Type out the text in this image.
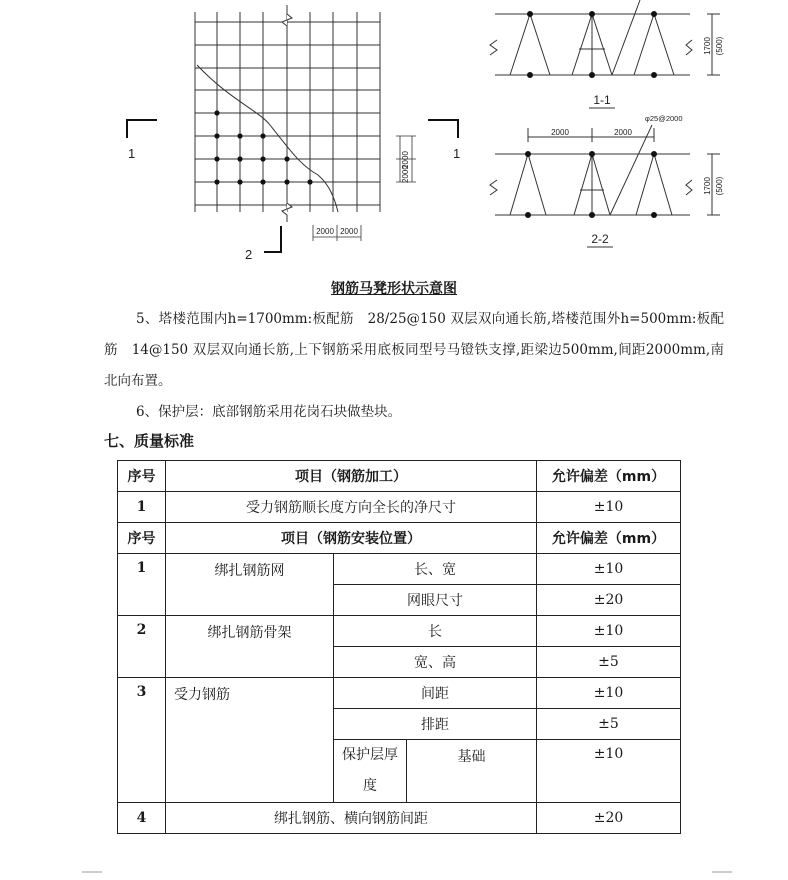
2000
2000
2000 2000
1	1
2
1700 (500)
1-1
2000	2000
φ25@2000
1700 (500)
2-2
钢筋马凳形状示意图
5、塔楼范围内h=1700mm:板配筋　28/25@150 双层双向通长筋,塔楼范围外h=500mm:板配筋　14@150 双层双向通长筋,上下钢筋采用底板同型号马镫铁支撑,距梁边500mm,间距2000mm,南北向布置。
6、保护层：底部钢筋采用花岗石块做垫块。
七、质量标准
序号	项目（钢筋加工）			允许偏差（mm）
1	受力钢筋顺长度方向全长的净尺寸			±10
序号	项目（钢筋安装位置）			允许偏差（mm）
1	绑扎钢筋网	长、宽		±10
		网眼尺寸		±20
2	绑扎钢筋骨架	长		±10
		宽、高		±5
3	受力钢筋	间距		±10
		排距		±5
		保护层厚度	基础	±10
4	绑扎钢筋、横向钢筋间距			±20
